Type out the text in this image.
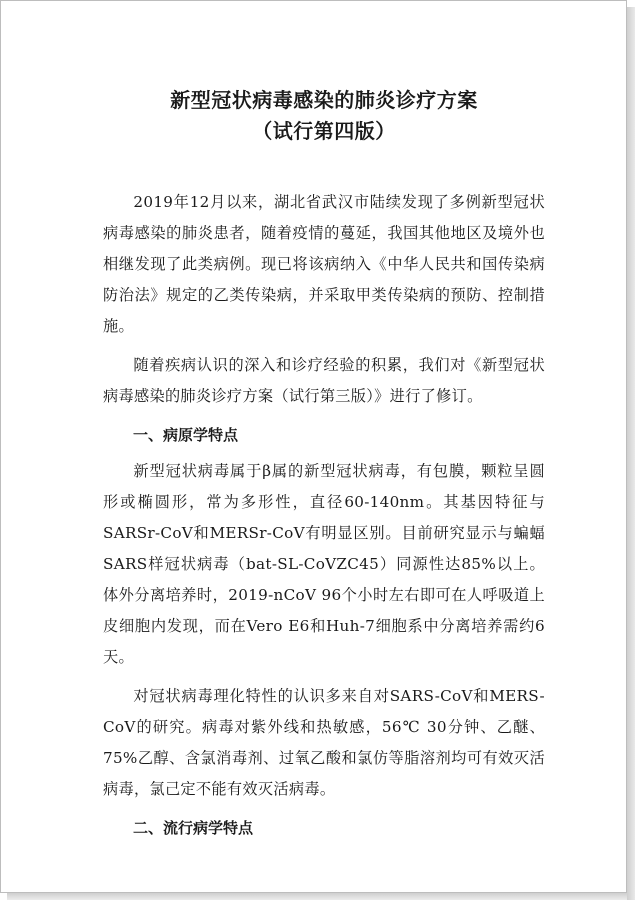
新型冠状病毒感染的肺炎诊疗方案
（试行第四版）

2019年12月以来，湖北省武汉市陆续发现了多例新型冠状病毒感染的肺炎患者，随着疫情的蔓延，我国其他地区及境外也相继发现了此类病例。现已将该病纳入《中华人民共和国传染病防治法》规定的乙类传染病，并采取甲类传染病的预防、控制措施。

随着疾病认识的深入和诊疗经验的积累，我们对《新型冠状病毒感染的肺炎诊疗方案（试行第三版）》进行了修订。

一、病原学特点

新型冠状病毒属于β属的新型冠状病毒，有包膜，颗粒呈圆形或椭圆形，常为多形性，直径60-140nm。其基因特征与SARSr-CoV和MERSr-CoV有明显区别。目前研究显示与蝙蝠SARS样冠状病毒（bat-SL-CoVZC45）同源性达85%以上。体外分离培养时，2019-nCoV 96个小时左右即可在人呼吸道上皮细胞内发现，而在Vero E6和Huh-7细胞系中分离培养需约6天。

对冠状病毒理化特性的认识多来自对SARS-CoV和MERS-CoV的研究。病毒对紫外线和热敏感，56℃ 30分钟、乙醚、75%乙醇、含氯消毒剂、过氧乙酸和氯仿等脂溶剂均可有效灭活病毒，氯己定不能有效灭活病毒。

二、流行病学特点
